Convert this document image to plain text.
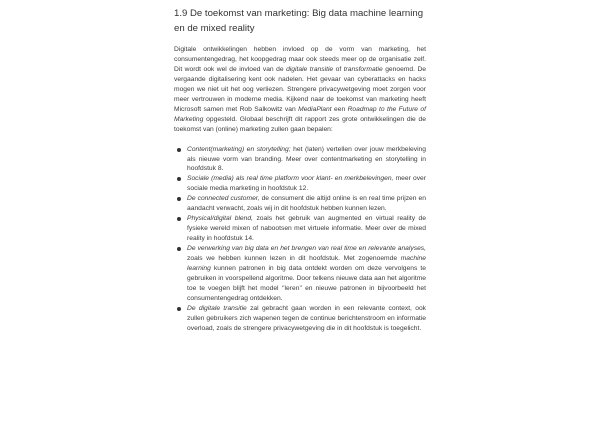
1.9 De toekomst van marketing: Big data machine learning en de mixed reality

Digitale ontwikkelingen hebben invloed op de vorm van marketing, het consumentengedrag, het koopgedrag maar ook steeds meer op de organisatie zelf. Dit wordt ook wel de invloed van de digitale transitie of transformatie genoemd. De vergaande digitalisering kent ook nadelen. Het gevaar van cyberattacks en hacks mogen we niet uit het oog verliezen. Strengere privacywetgeving moet zorgen voor meer vertrouwen in moderne media. Kijkend naar de toekomst van marketing heeft Microsoft samen met Rob Salkowitz van MediaPlant een Roadmap to the Future of Marketing opgesteld. Globaal beschrijft dit rapport zes grote ontwikkelingen die de toekomst van (online) marketing zullen gaan bepalen:

Content(marketing) en storytelling; het (laten) vertellen over jouw merkbeleving als nieuwe vorm van branding. Meer over contentmarketing en storytelling in hoofdstuk 8.
Sociale (media) als real time platform voor klant- en merkbelevingen, meer over sociale media marketing in hoofdstuk 12.
De connected customer, de consument die altijd online is en real time prijzen en aandacht verwacht, zoals wij in dit hoofdstuk hebben kunnen lezen.
Physical/digital blend, zoals het gebruik van augmented en virtual reality de fysieke wereld mixen of nabootsen met virtuele informatie. Meer over de mixed reality in hoofdstuk 14.
De verwerking van big data en het brengen van real time en relevante analyses, zoals we hebben kunnen lezen in dit hoofdstuk. Met zogenoemde machine learning kunnen patronen in big data ontdekt worden om deze vervolgens te gebruiken in voorspellend algoritme. Door telkens nieuwe data aan het algoritme toe te voegen blijft het model ‘’leren’’ en nieuwe patronen in bijvoorbeeld het consumentengedrag ontdekken.
De digitale transitie zal gebracht gaan worden in een relevante context, ook zullen gebruikers zich wapenen tegen de continue berichtenstroom en informatie overload, zoals de strengere privacywetgeving die in dit hoofdstuk is toegelicht.
